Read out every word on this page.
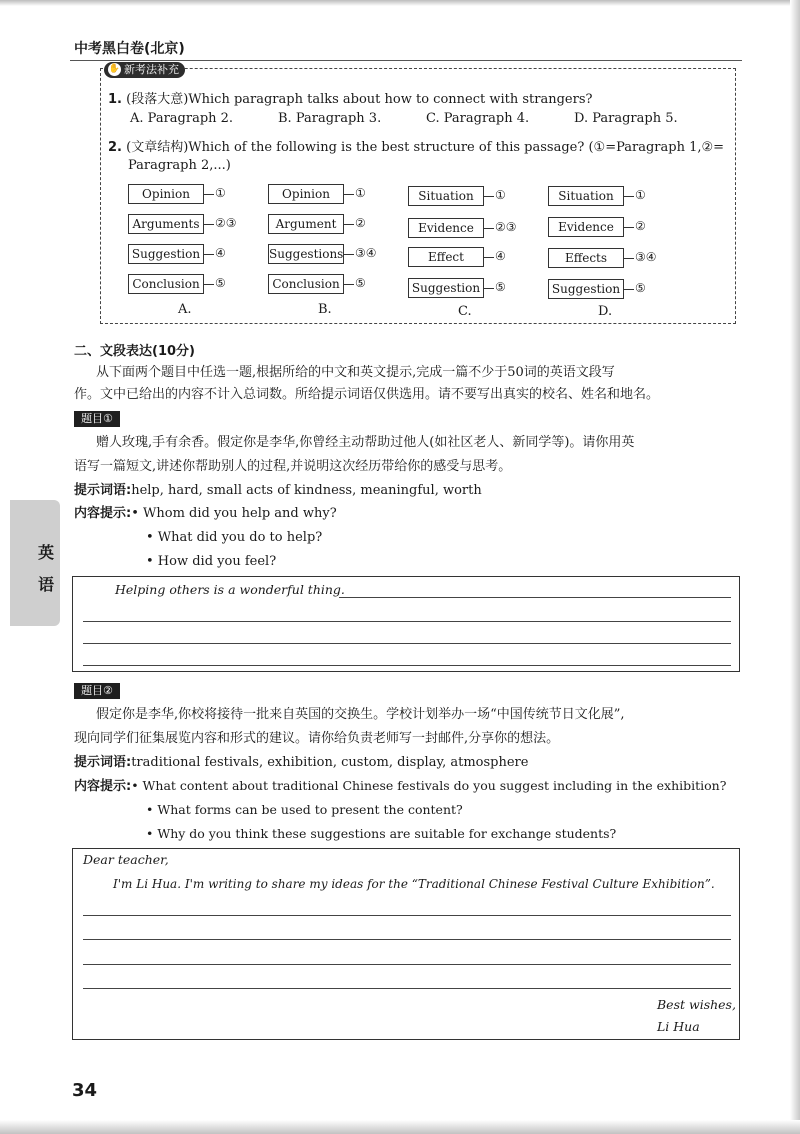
中考黑白卷(北京)
✋ 新考法补充
1. (段落大意)Which paragraph talks about how to connect with strangers?
A. Paragraph 2.	B. Paragraph 3.	C. Paragraph 4.	D. Paragraph 5.
2. (文章结构)Which of the following is the best structure of this passage? (①=Paragraph 1,②=
Paragraph 2,...)
Opinion	①
Arguments	②③
Suggestion	④
Conclusion	⑤
A.
Opinion	①
Argument	②
Suggestions ③④
Conclusion	⑤
B.
Situation	①
Evidence	②③
Effect	④
Suggestion	⑤
C.
Situation	①
Evidence	②
Effects	③④
Suggestion	⑤
D.
二、文段表达(10分)
从下面两个题目中任选一题,根据所给的中文和英文提示,完成一篇不少于50词的英语文段写
作。文中已给出的内容不计入总词数。所给提示词语仅供选用。请不要写出真实的校名、姓名和地名。
题目①
赠人玫瑰,手有余香。假定你是李华,你曾经主动帮助过他人(如社区老人、新同学等)。请你用英
语写一篇短文,讲述你帮助别人的过程,并说明这次经历带给你的感受与思考。
提示词语:help, hard, small acts of kindness, meaningful, worth
内容提示:• Whom did you help and why?
• What did you do to help?
• How did you feel?
Helping others is a wonderful thing.
英
语
题目②
假定你是李华,你校将接待一批来自英国的交换生。学校计划举办一场“中国传统节日文化展”,
现向同学们征集展览内容和形式的建议。请你给负责老师写一封邮件,分享你的想法。
提示词语:traditional festivals, exhibition, custom, display, atmosphere
内容提示:• What content about traditional Chinese festivals do you suggest including in the exhibition?
• What forms can be used to present the content?
• Why do you think these suggestions are suitable for exchange students?
Dear teacher,
I'm Li Hua. I'm writing to share my ideas for the “Traditional Chinese Festival Culture Exhibition”.
Best wishes,
Li Hua
34
